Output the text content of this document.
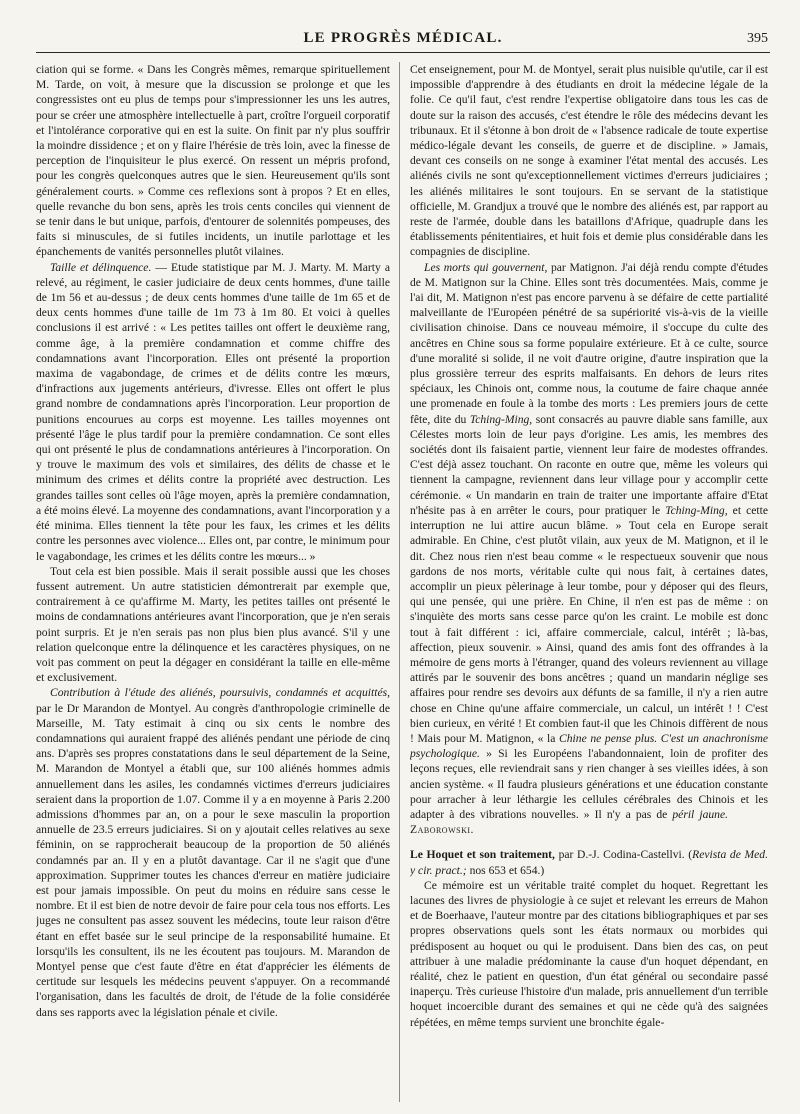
LE PROGRÈS MÉDICAL.	395

ciation qui se forme. « Dans les Congrès mêmes, remarque spirituellement M. Tarde, on voit, à mesure que la discussion se prolonge et que les congressistes ont eu plus de temps pour s'impressionner les uns les autres, pour se créer une atmosphère intellectuelle à part, croître l'orgueil corporatif et l'intolérance corporative qui en est la suite. On finit par n'y plus souffrir la moindre dissidence ; et on y flaire l'hérésie de très loin, avec la finesse de perception de l'inquisiteur le plus exercé. On ressent un mépris profond, pour les congrès quelconques autres que le sien. Heureusement qu'ils sont généralement courts. » Comme ces reflexions sont à propos ? Et en elles, quelle revanche du bon sens, après les trois cents conciles qui viennent de se tenir dans le but unique, parfois, d'entourer de solennités pompeuses, des faits si minuscules, de si futiles incidents, un inutile parlottage et les épanchements de vanités personnelles plutôt vilaines.

Taille et délinquence. — Etude statistique par M. J. Marty. M. Marty a relevé, au régiment, le casier judiciaire de deux cents hommes, d'une taille de 1m 56 et au-dessus ; de deux cents hommes d'une taille de 1m 65 et de deux cents hommes d'une taille de 1m 73 à 1m 80. Et voici à quelles conclusions il est arrivé : « Les petites tailles ont offert le deuxième rang, comme âge, à la première condamnation et comme chiffre des condamnations avant l'incorporation. Elles ont présenté la proportion maxima de vagabondage, de crimes et de délits contre les mœurs, d'infractions aux jugements antérieurs, d'ivresse. Elles ont offert le plus grand nombre de condamnations après l'incorporation. Leur proportion de punitions encourues au corps est moyenne. Les tailles moyennes ont présenté l'âge le plus tardif pour la première condamnation. Ce sont elles qui ont présenté le plus de condamnations antérieures à l'incorporation. On y trouve le maximum des vols et similaires, des délits de chasse et le minimum des crimes et délits contre la propriété avec destruction. Les grandes tailles sont celles où l'âge moyen, après la première condamnation, a été moins élevé. La moyenne des condamnations, avant l'incorporation y a été minima. Elles tiennent la tête pour les faux, les crimes et les délits contre les personnes avec violence... Elles ont, par contre, le minimum pour le vagabondage, les crimes et les délits contre les mœurs... »

Tout cela est bien possible. Mais il serait possible aussi que les choses fussent autrement. Un autre statisticien démontrerait par exemple que, contrairement à ce qu'affirme M. Marty, les petites tailles ont présenté le moins de condamnations antérieures avant l'incorporation, que je n'en serais point surpris. Et je n'en serais pas non plus bien plus avancé. S'il y une relation quelconque entre la délinquence et les caractères physiques, on ne voit pas comment on peut la dégager en considérant la taille en elle-même et exclusivement.

Contribution à l'étude des aliénés, poursuivis, condamnés et acquittés, par le Dr Marandon de Montyel. Au congrès d'anthropologie criminelle de Marseille, M. Taty estimait à cinq ou six cents le nombre des condamnations qui auraient frappé des aliénés pendant une période de cinq ans. D'après ses propres constatations dans le seul département de la Seine, M. Marandon de Montyel a établi que, sur 100 aliénés hommes admis annuellement dans les asiles, les condamnés victimes d'erreurs judiciaires seraient dans la proportion de 1.07. Comme il y a en moyenne à Paris 2.200 admissions d'hommes par an, on a pour le sexe masculin la proportion annuelle de 23.5 erreurs judiciaires. Si on y ajoutait celles relatives au sexe féminin, on se rapprocherait beaucoup de la proportion de 50 aliénés condamnés par an. Il y en a plutôt davantage. Car il ne s'agit que d'une approximation. Supprimer toutes les chances d'erreur en matière judiciaire est pour jamais impossible. On peut du moins en réduire sans cesse le nombre. Et il est bien de notre devoir de faire pour cela tous nos efforts. Les juges ne consultent pas assez souvent les médecins, toute leur raison d'être étant en effet basée sur le seul principe de la responsabilité humaine. Et lorsqu'ils les consultent, ils ne les écoutent pas toujours. M. Marandon de Montyel pense que c'est faute d'être en état d'apprécier les éléments de certitude sur lesquels les médecins peuvent s'appuyer. On a recommandé l'organisation, dans les facultés de droit, de l'étude de la folie considérée dans ses rapports avec la législation pénale et civile.

Cet enseignement, pour M. de Montyel, serait plus nuisible qu'utile, car il est impossible d'apprendre à des étudiants en droit la médecine légale de la folie. Ce qu'il faut, c'est rendre l'expertise obligatoire dans tous les cas de doute sur la raison des accusés, c'est étendre le rôle des médecins devant les tribunaux. Et il s'étonne à bon droit de « l'absence radicale de toute expertise médico-légale devant les conseils, de guerre et de discipline. » Jamais, devant ces conseils on ne songe à examiner l'état mental des accusés. Les aliénés civils ne sont qu'exceptionnellement victimes d'erreurs judiciaires ; les aliénés militaires le sont toujours. En se servant de la statistique officielle, M. Grandjux a trouvé que le nombre des aliénés est, par rapport au reste de l'armée, double dans les bataillons d'Afrique, quadruple dans les établissements pénitentiaires, et huit fois et demie plus considérable dans les compagnies de discipline.

Les morts qui gouvernent, par Matignon. J'ai déjà rendu compte d'études de M. Matignon sur la Chine. Elles sont très documentées. Mais, comme je l'ai dit, M. Matignon n'est pas encore parvenu à se défaire de cette partialité malveillante de l'Européen pénétré de sa supériorité vis-à-vis de la vieille civilisation chinoise. Dans ce nouveau mémoire, il s'occupe du culte des ancêtres en Chine sous sa forme populaire extérieure. Et à ce culte, source d'une moralité si solide, il ne voit d'autre origine, d'autre inspiration que la plus grossière terreur des esprits malfaisants. En dehors de leurs rites spéciaux, les Chinois ont, comme nous, la coutume de faire chaque année une promenade en foule à la tombe des morts : Les premiers jours de cette fête, dite du Tching-Ming, sont consacrés au pauvre diable sans famille, aux Célestes morts loin de leur pays d'origine. Les amis, les membres des sociétés dont ils faisaient partie, viennent leur faire de modestes offrandes. C'est déjà assez touchant. On raconte en outre que, même les voleurs qui tiennent la campagne, reviennent dans leur village pour y accomplir cette cérémonie. « Un mandarin en train de traiter une importante affaire d'Etat n'hésite pas à en arrêter le cours, pour pratiquer le Tching-Ming, et cette interruption ne lui attire aucun blâme. » Tout cela en Europe serait admirable. En Chine, c'est plutôt vilain, aux yeux de M. Matignon, et il le dit. Chez nous rien n'est beau comme « le respectueux souvenir que nous gardons de nos morts, véritable culte qui nous fait, à certaines dates, accomplir un pieux pèlerinage à leur tombe, pour y déposer qui des fleurs, qui une pensée, qui une prière. En Chine, il n'en est pas de même : on s'inquiète des morts sans cesse parce qu'on les craint. Le mobile est donc tout à fait différent : ici, affaire commerciale, calcul, intérêt ; là-bas, affection, pieux souvenir. » Ainsi, quand des amis font des offrandes à la mémoire de gens morts à l'étranger, quand des voleurs reviennent au village attirés par le souvenir des bons ancêtres ; quand un mandarin néglige ses affaires pour rendre ses devoirs aux défunts de sa famille, il n'y a rien autre chose en Chine qu'une affaire commerciale, un calcul, un intérêt ! ! C'est bien curieux, en vérité ! Et combien faut-il que les Chinois diffèrent de nous ! Mais pour M. Matignon, « la Chine ne pense plus. C'est un anachronisme psychologique. » Si les Européens l'abandonnaient, loin de profiter des leçons reçues, elle reviendrait sans y rien changer à ses vieilles idées, à son ancien système. « Il faudra plusieurs générations et une éducation constante pour arracher à leur léthargie les cellules cérébrales des Chinois et les adapter à des vibrations nouvelles. » Il n'y a pas de péril jaune.Zaborowski.

Le Hoquet et son traitement, par D.-J. Codina-Castellvi. (Revista de Med. y cir. pract.; nos 653 et 654.)

Ce mémoire est un véritable traité complet du hoquet. Regrettant les lacunes des livres de physiologie à ce sujet et relevant les erreurs de Mahon et de Boerhaave, l'auteur montre par des citations bibliographiques et par ses propres observations quels sont les états normaux ou morbides qui prédisposent au hoquet ou qui le produisent. Dans bien des cas, on peut attribuer à une maladie prédominante la cause d'un hoquet dépendant, en réalité, chez le patient en question, d'un état général ou secondaire passé inaperçu. Très curieuse l'histoire d'un malade, pris annuellement d'un terrible hoquet incoercible durant des semaines et qui ne cède qu'à des saignées répétées, en même temps survient une bronchite égale-
